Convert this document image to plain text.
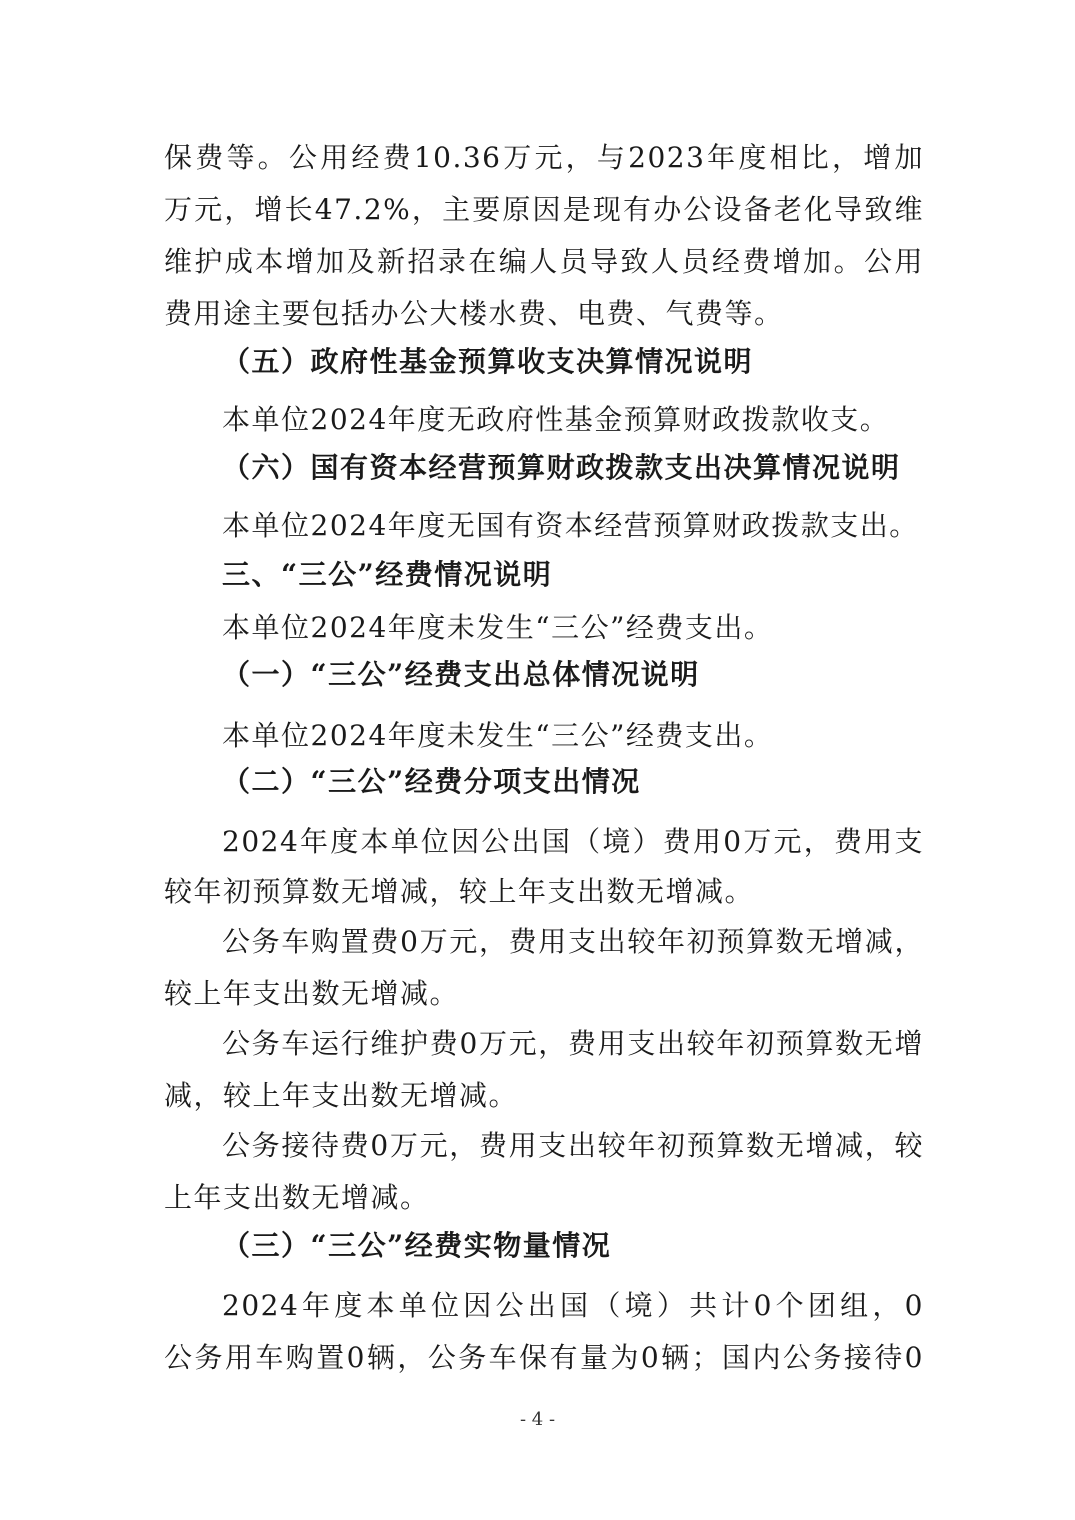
保费等。公用经费10.36万元，与2023年度相比，增加
万元，增长47.2%，主要原因是现有办公设备老化导致维
维护成本增加及新招录在编人员导致人员经费增加。公用
费用途主要包括办公大楼水费、电费、气费等。
（五）政府性基金预算收支决算情况说明
本单位2024年度无政府性基金预算财政拨款收支。
（六）国有资本经营预算财政拨款支出决算情况说明
本单位2024年度无国有资本经营预算财政拨款支出。
三、“三公”经费情况说明
本单位2024年度未发生“三公”经费支出。
（一）“三公”经费支出总体情况说明
本单位2024年度未发生“三公”经费支出。
（二）“三公”经费分项支出情况
2024年度本单位因公出国（境）费用0万元，费用支
较年初预算数无增减，较上年支出数无增减。
公务车购置费0万元，费用支出较年初预算数无增减，
较上年支出数无增减。
公务车运行维护费0万元，费用支出较年初预算数无增
减，较上年支出数无增减。
公务接待费0万元，费用支出较年初预算数无增减，较
上年支出数无增减。
（三）“三公”经费实物量情况
2024年度本单位因公出国（境）共计0个团组，0
公务用车购置0辆，公务车保有量为0辆；国内公务接待0
- 4 -
